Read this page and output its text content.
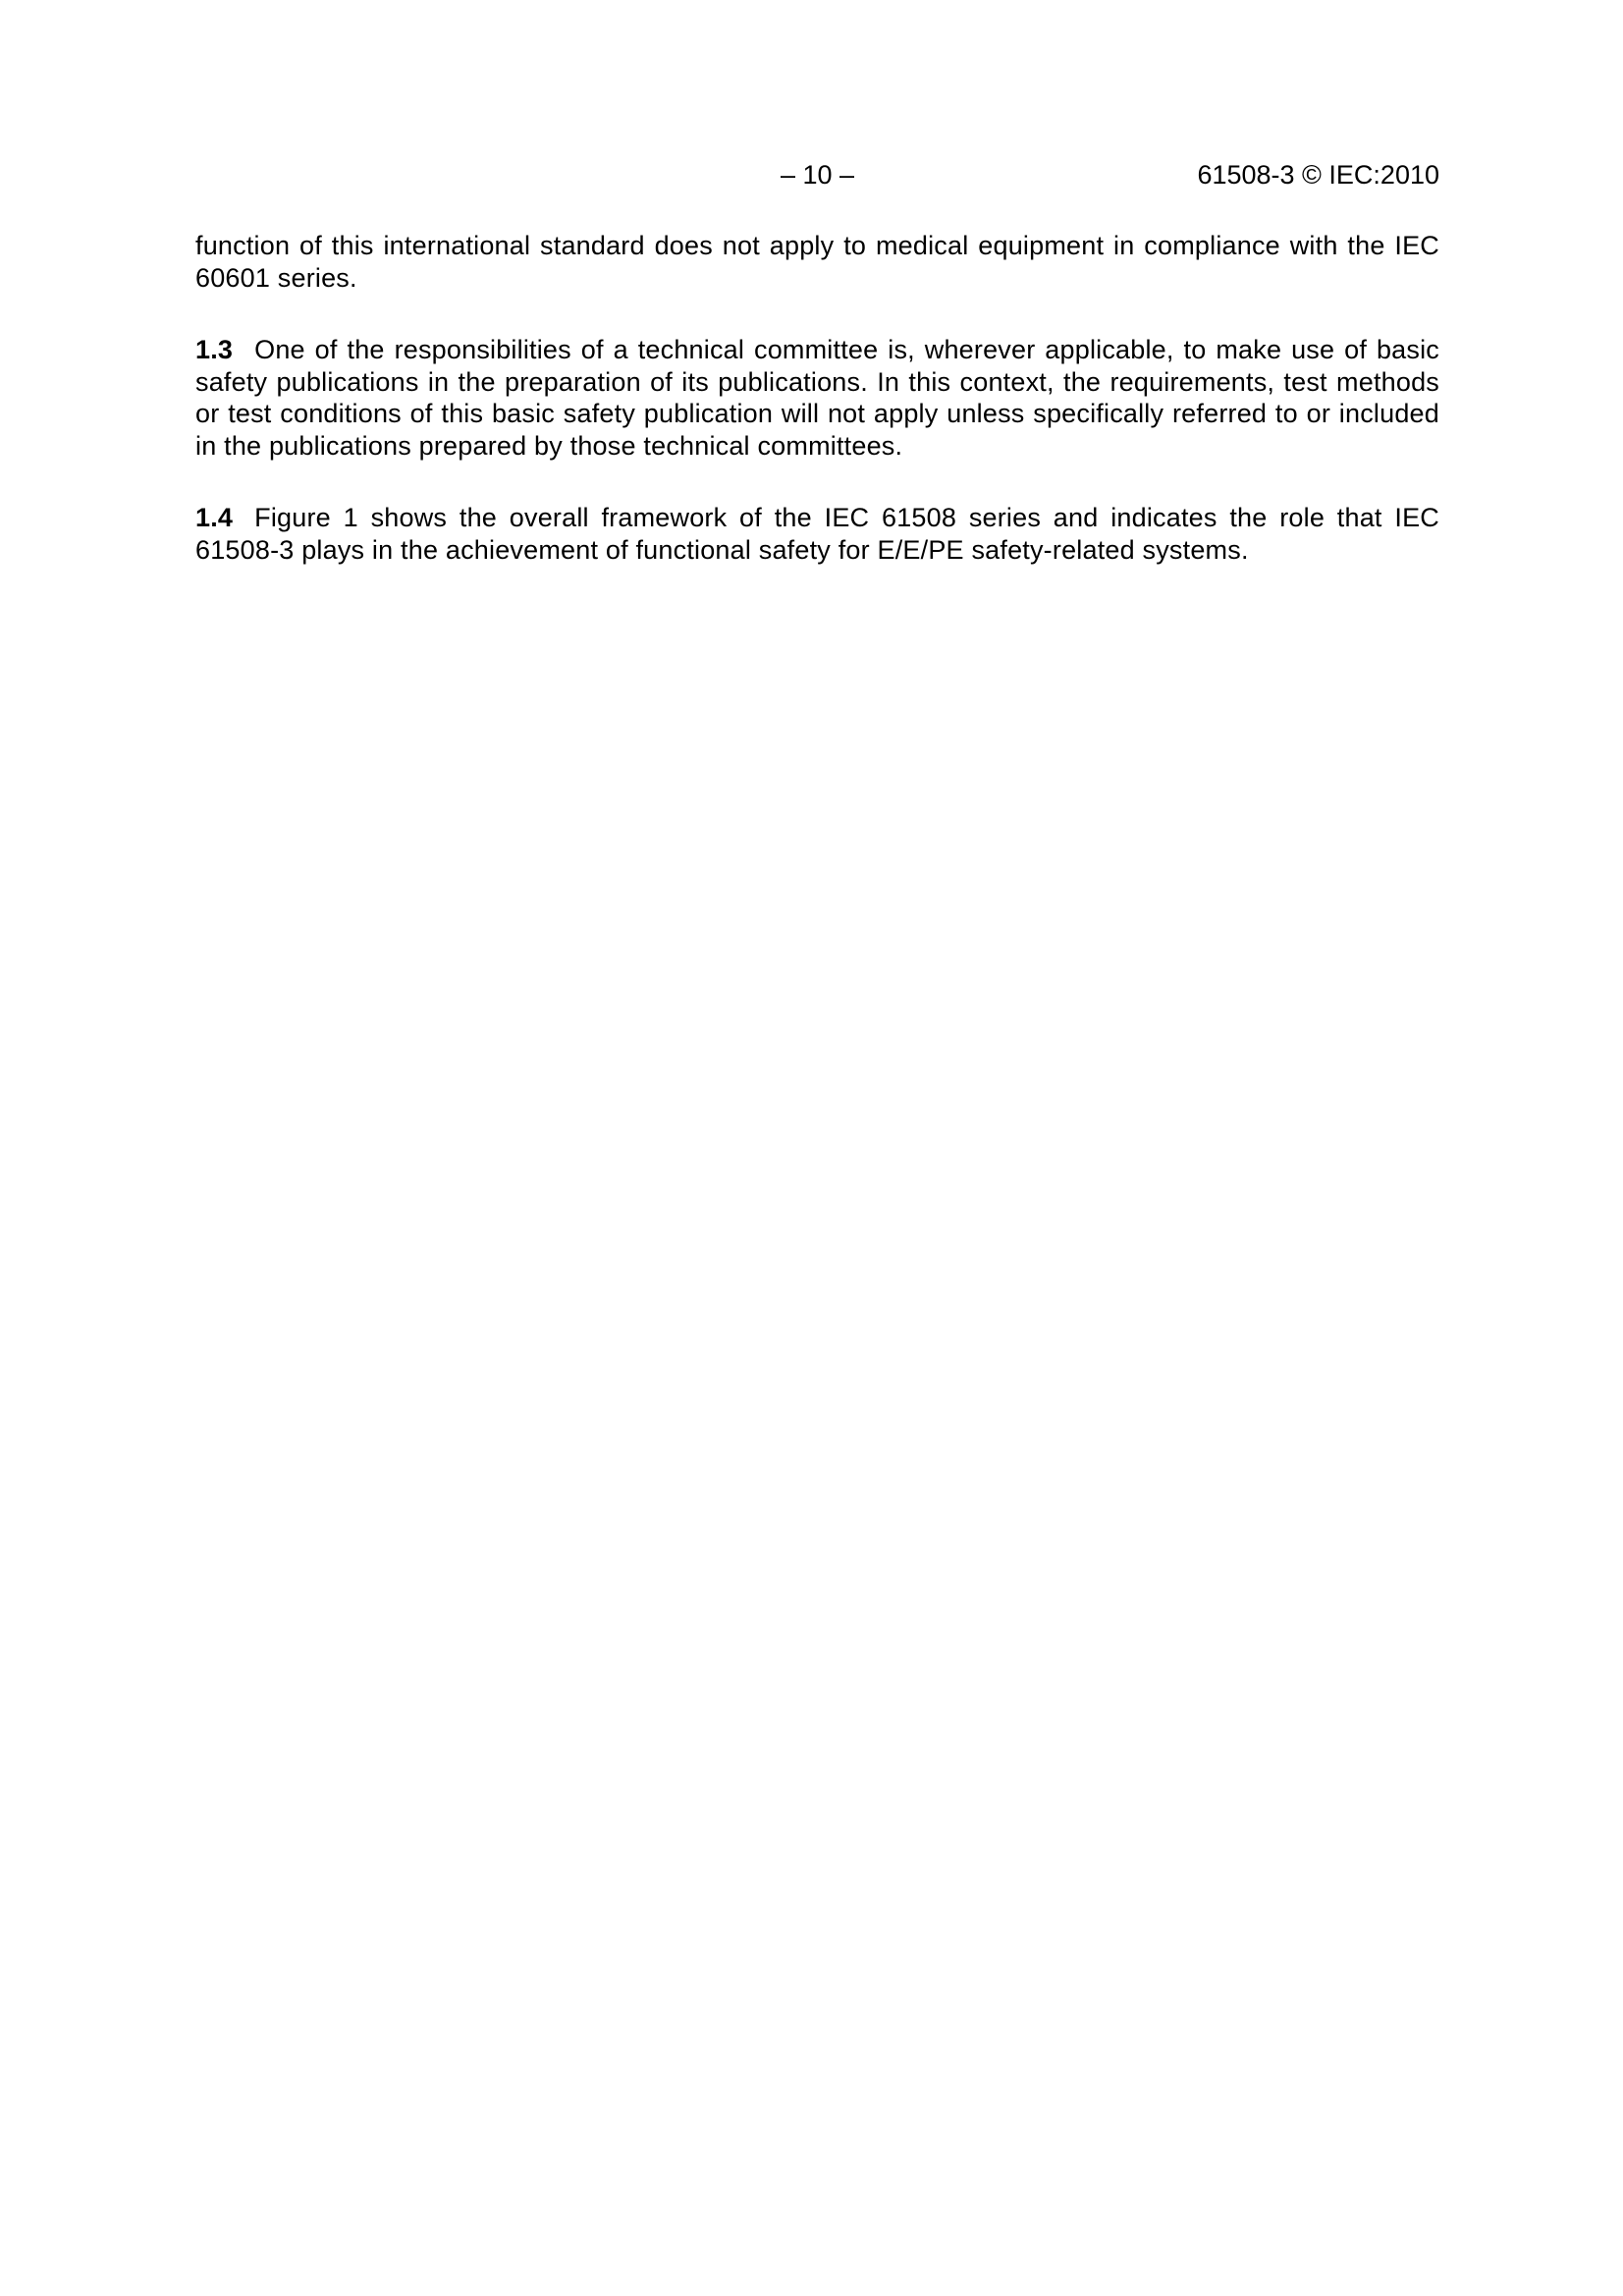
– 10 –	61508-3 © IEC:2010

function of this international standard does not apply to medical equipment in compliance with the IEC 60601 series.

1.3 One of the responsibilities of a technical committee is, wherever applicable, to make use of basic safety publications in the preparation of its publications. In this context, the requirements, test methods or test conditions of this basic safety publication will not apply unless specifically referred to or included in the publications prepared by those technical committees.

1.4 Figure 1 shows the overall framework of the IEC 61508 series and indicates the role that IEC 61508-3 plays in the achievement of functional safety for E/E/PE safety-related systems.
